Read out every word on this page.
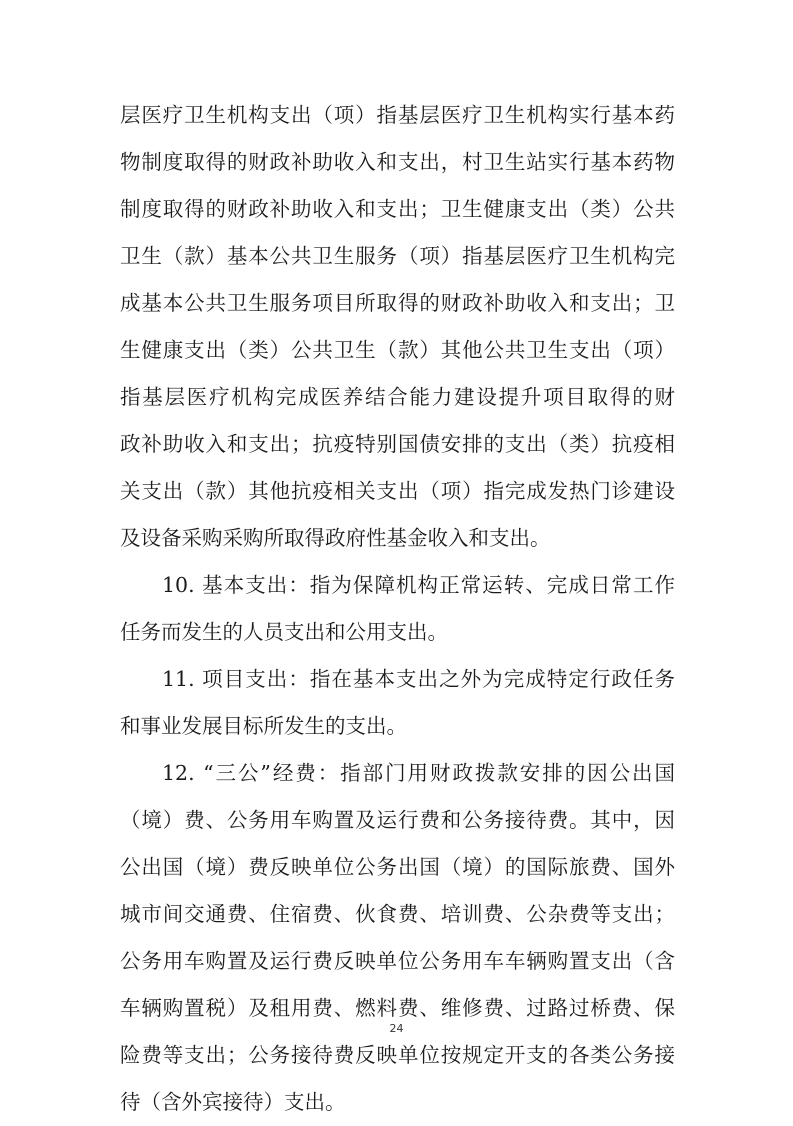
层医疗卫生机构支出（项）指基层医疗卫生机构实行基本药
物制度取得的财政补助收入和支出，村卫生站实行基本药物
制度取得的财政补助收入和支出；卫生健康支出（类）公共
卫生（款）基本公共卫生服务（项）指基层医疗卫生机构完
成基本公共卫生服务项目所取得的财政补助收入和支出；卫
生健康支出（类）公共卫生（款）其他公共卫生支出（项）
指基层医疗机构完成医养结合能力建设提升项目取得的财
政补助收入和支出；抗疫特别国债安排的支出（类）抗疫相
关支出（款）其他抗疫相关支出（项）指完成发热门诊建设
及设备采购采购所取得政府性基金收入和支出。
10. 基本支出：指为保障机构正常运转、完成日常工作
任务而发生的人员支出和公用支出。
11. 项目支出：指在基本支出之外为完成特定行政任务
和事业发展目标所发生的支出。
12. “三公”经费：指部门用财政拨款安排的因公出国
（境）费、公务用车购置及运行费和公务接待费。其中，因
公出国（境）费反映单位公务出国（境）的国际旅费、国外
城市间交通费、住宿费、伙食费、培训费、公杂费等支出；
公务用车购置及运行费反映单位公务用车车辆购置支出（含
车辆购置税）及租用费、燃料费、维修费、过路过桥费、保
险费等支出；公务接待费反映单位按规定开支的各类公务接
待（含外宾接待）支出。
24
